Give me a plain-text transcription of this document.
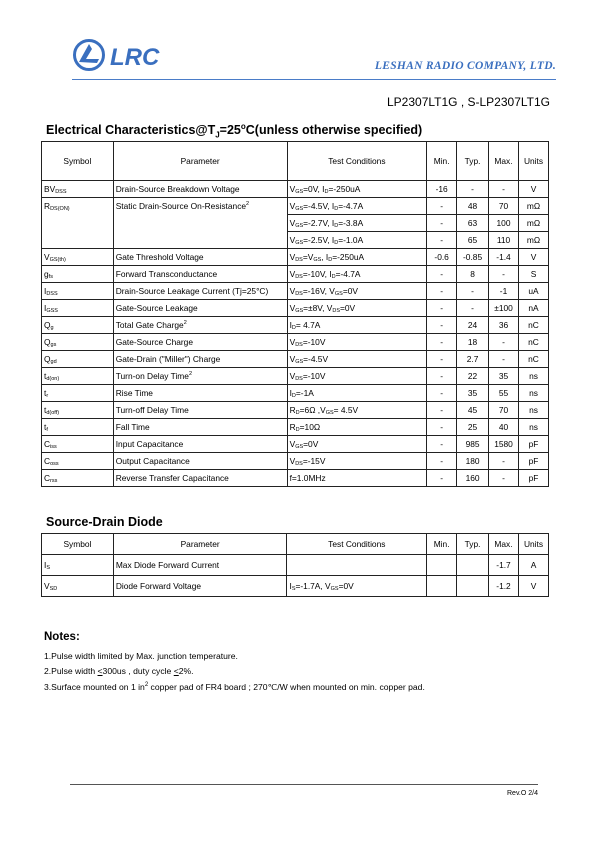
LRC	LESHAN RADIO COMPANY, LTD.
LP2307LT1G , S-LP2307LT1G
Electrical $Characteristics@T_J=25^oC(unless$ otherwise specified)
Symbol	Parameter	Test Conditions	Min.	Typ.	Max.	Units
$BV_{DSS}$	Drain-Source Breakdown Voltage	$V_{GS}=0V$, $I_D=-250uA$	-16	-	-	V
$R_{DS(ON)}$	Static Drain-Source On-Resistance$^2$	$V_{GS}=-4.5V$, $I_D=-4.7A$	-	48	70	mΩ
		$V_{GS}=-2.7V$, $I_D=-3.8A$	-	63	100	mΩ
		$V_{GS}=-2.5V$, $I_D=-1.0A$	-	65	110	mΩ
$V_{GS(th)}$	Gate Threshold Voltage	$V_{DS}=V_{GS}$, $I_D=-250uA$	-0.6	-0.85	-1.4	V
$g_{fs}$	Forward Transconductance	$V_{DS}=-10V$, $I_D=-4.7A$	-	8	-	S
$I_{DSS}$	Drain-Source Leakage Current (Tj=25°C)	$V_{DS}=-16V$, $V_{GS}=0V$	-	-	-1	uA
$I_{GSS}$	Gate-Source Leakage	$V_{GS}=\pm 8V$, $V_{DS}=0V$	-	-	±100	nA
$Q_g$	Total Gate Charge$^2$	$I_D= 4.7A$	-	24	36	nC
$Q_{gs}$	Gate-Source Charge	$V_{DS}=-10V$	-	18	-	nC
$Q_{gd}$	Gate-Drain ("Miller") Charge	$V_{GS}=-4.5V$	-	2.7	-	nC
$t_{d(on)}$	Turn-on Delay Time$^2$	$V_{DS}=-10V$	-	22	35	ns
$t_r$	Rise Time	$I_D=-1A$	-	35	55	ns
$t_{d(off)}$	Turn-off Delay Time	$R_D=6\Omega$ $,V_{GS}= 4.5V$	-	45	70	ns
$t_f$	Fall Time	$R_D=10\Omega$	-	25	40	ns
$C_{iss}$	Input Capacitance	$V_{GS}=0V$	-	985	1580	pF
$C_{oss}$	Output Capacitance	$V_{DS}=-15V$	-	180	-	pF
$C_{rss}$	Reverse Transfer Capacitance	f=1.0MHz	-	160	-	pF
Source-Drain Diode
Symbol	Parameter	Test Conditions	Min.	Typ.	Max.	Units
$I_S$	Max Diode Forward Current				-1.7	A
$V_{SD}$	Diode Forward Voltage	$I_S=-1.7A$, $V_{GS}=0V$			-1.2	V
Notes:
1.Pulse width limited by Max. junction temperature.
2.Pulse width <300us , duty cycle <2%.
3.Surface mounted on 1 $in^2$ copper pad of FR4 board ; 270℃/W when mounted on min. copper pad.
Rev.O 2/4
